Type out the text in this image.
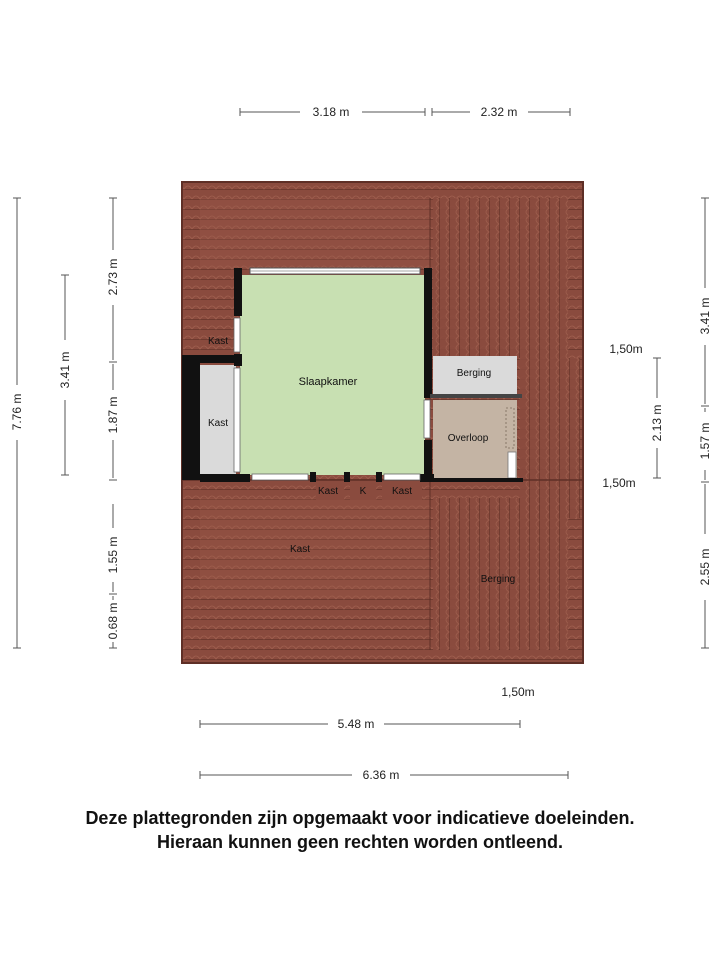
Slaapkamer
Kast
Kast
Berging
Overloop
Kast K	Kast
Kast
Berging
3.18 m	2.32 m
5.48 m
6.36 m
7.76 m
3.41 m
2.73 m
1.87 m
1.55 m
0.68 m
3.41 m
1.57 m
2.55 m
2.13 m
1,50m
1,50m
1,50m
Deze plattegronden zijn opgemaakt voor indicatieve doeleinden.
Hieraan kunnen geen rechten worden ontleend.
